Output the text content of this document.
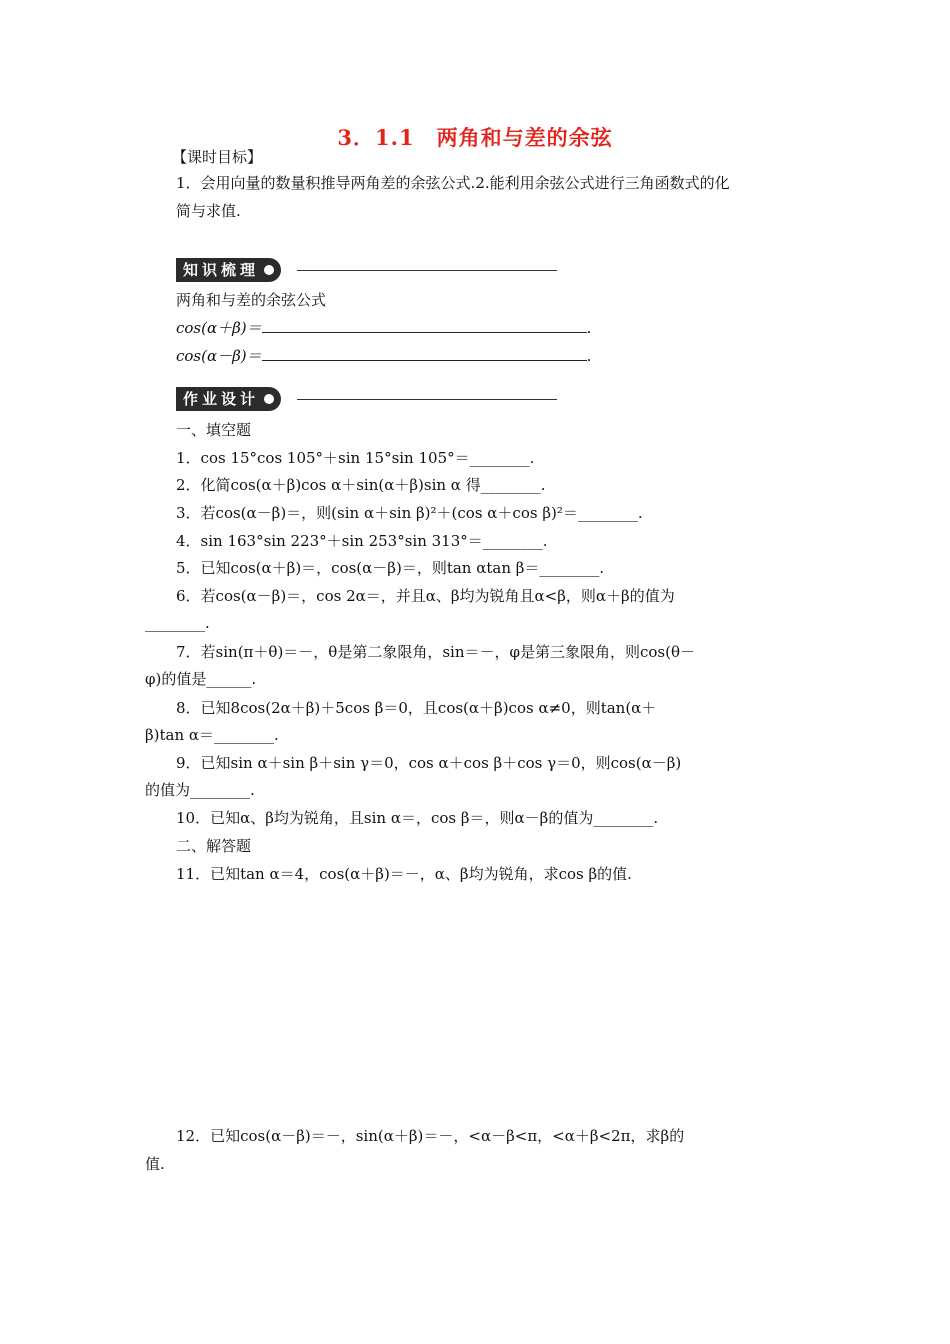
3．1.1　两角和与差的余弦
【课时目标】
1．会用向量的数量积推导两角差的余弦公式.2.能利用余弦公式进行三角函数式的化
简与求值.
知识梳理
两角和与差的余弦公式
cos(α＋β)＝	.
cos(α－β)＝	.
作业设计
一、填空题
1．cos 15°cos 105°＋sin 15°sin 105°＝________.
2．化简cos(α＋β)cos α＋sin(α＋β)sin α 得________.
3．若cos(α－β)＝，则(sin α＋sin β)²＋(cos α＋cos β)²＝________.
4．sin 163°sin 223°＋sin 253°sin 313°＝________.
5．已知cos(α＋β)＝，cos(α－β)＝，则tan αtan β＝________.
6．若cos(α－β)＝，cos 2α＝，并且α、β均为锐角且α<β，则α＋β的值为
________.
7．若sin(π＋θ)＝－，θ是第二象限角，sin＝－，φ是第三象限角，则cos(θ－
φ)的值是______.
8．已知8cos(2α＋β)＋5cos β＝0，且cos(α＋β)cos α≠0，则tan(α＋
β)tan α＝________.
9．已知sin α＋sin β＋sin γ＝0，cos α＋cos β＋cos γ＝0，则cos(α－β)
的值为________.
10．已知α、β均为锐角，且sin α＝，cos β＝，则α－β的值为________.
二、解答题
11．已知tan α＝4，cos(α＋β)＝－，α、β均为锐角，求cos β的值.
12．已知cos(α－β)＝－，sin(α＋β)＝－，<α－β<π，<α＋β<2π，求β的
值.
